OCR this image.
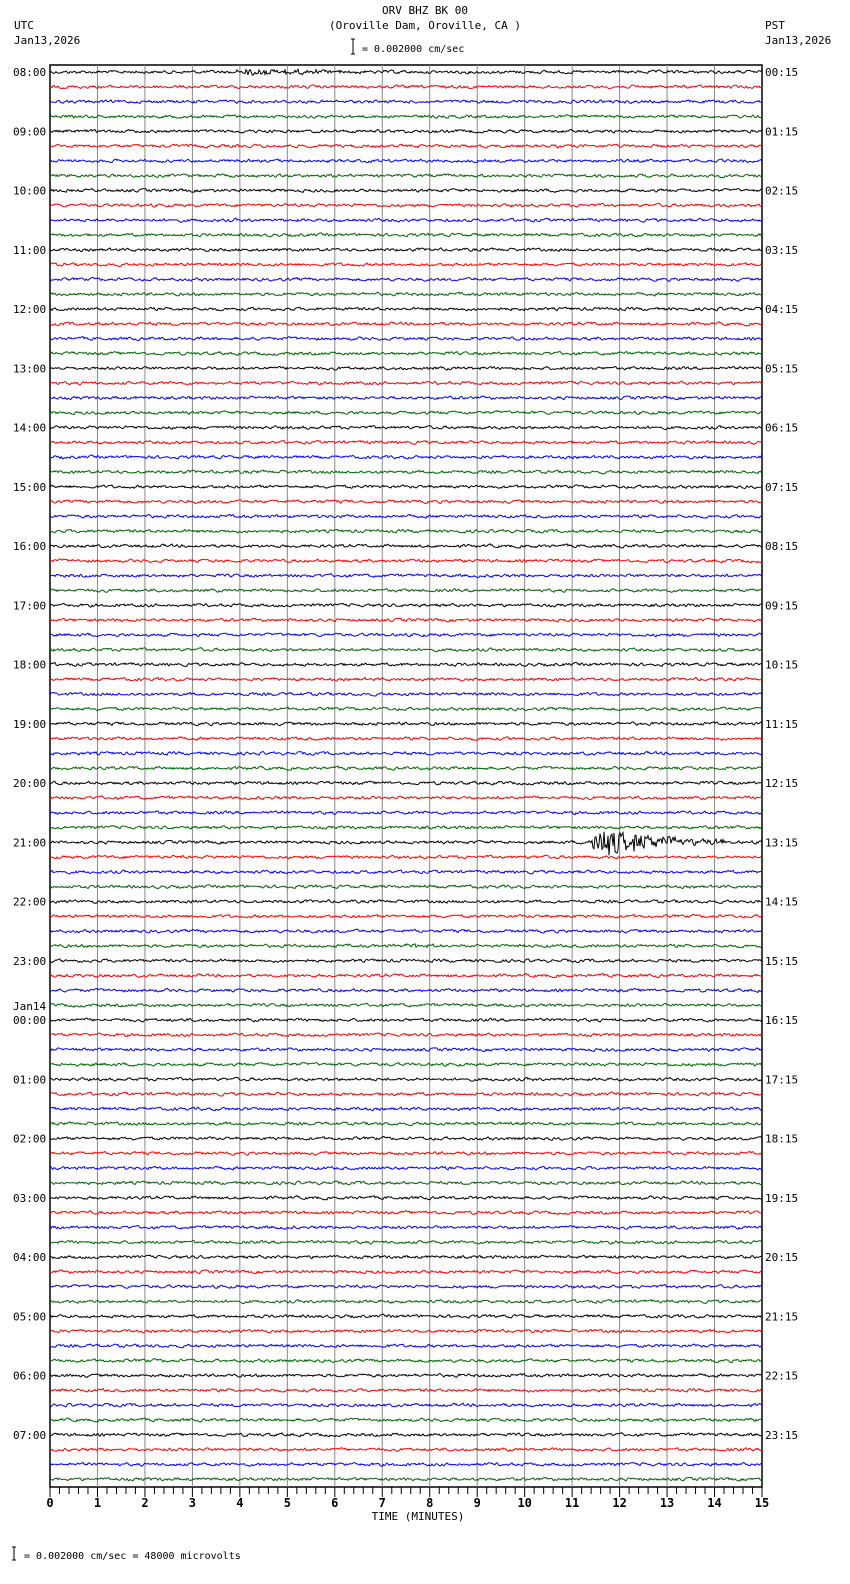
ORV BHZ BK 00
(Oroville Dam, Oroville, CA )
UTC
Jan13,2026
PST
Jan13,2026
= 0.002000 cm/sec
08:00	00:15
09:00	01:15
10:00	02:15
11:00	03:15
12:00	04:15
13:00	05:15
14:00	06:15
15:00	07:15
16:00	08:15
17:00	09:15
18:00	10:15
19:00	11:15
20:00	12:15
21:00	13:15
22:00	14:15
23:00	15:15
00:00	16:15
Jan14
01:00	17:15
02:00	18:15
03:00	19:15
04:00	20:15
05:00	21:15
06:00	22:15
07:00	23:15
0	1	2	3	4	5	6	7	8	9	10	11	12	13	14	15
TIME (MINUTES)
= 0.002000 cm/sec = 48000 microvolts
